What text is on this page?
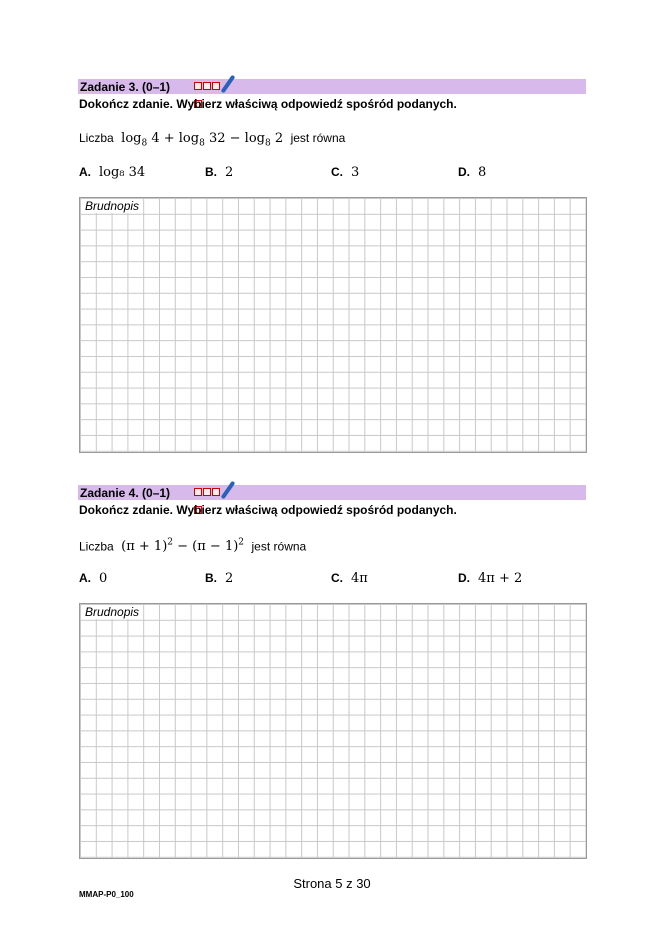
Zadanie 3. (0–1)
Dokończ zdanie. Wybierz właściwą odpowiedź spośród podanych.
Liczba  $\log_8 4 + \log_8 32 - \log_8 2$  jest równa
A. log₈ 34	B. 2	C. 3	D. 8
Brudnopis
Zadanie 4. (0–1)
Dokończ zdanie. Wybierz właściwą odpowiedź spośród podanych.
Liczba  $(\pi + 1)^2 - (\pi - 1)^2$ jest równa
A. 0	B. 2	C. 4π	D. 4π + 2
Brudnopis
Strona 5 z 30
MMAP-P0_100
